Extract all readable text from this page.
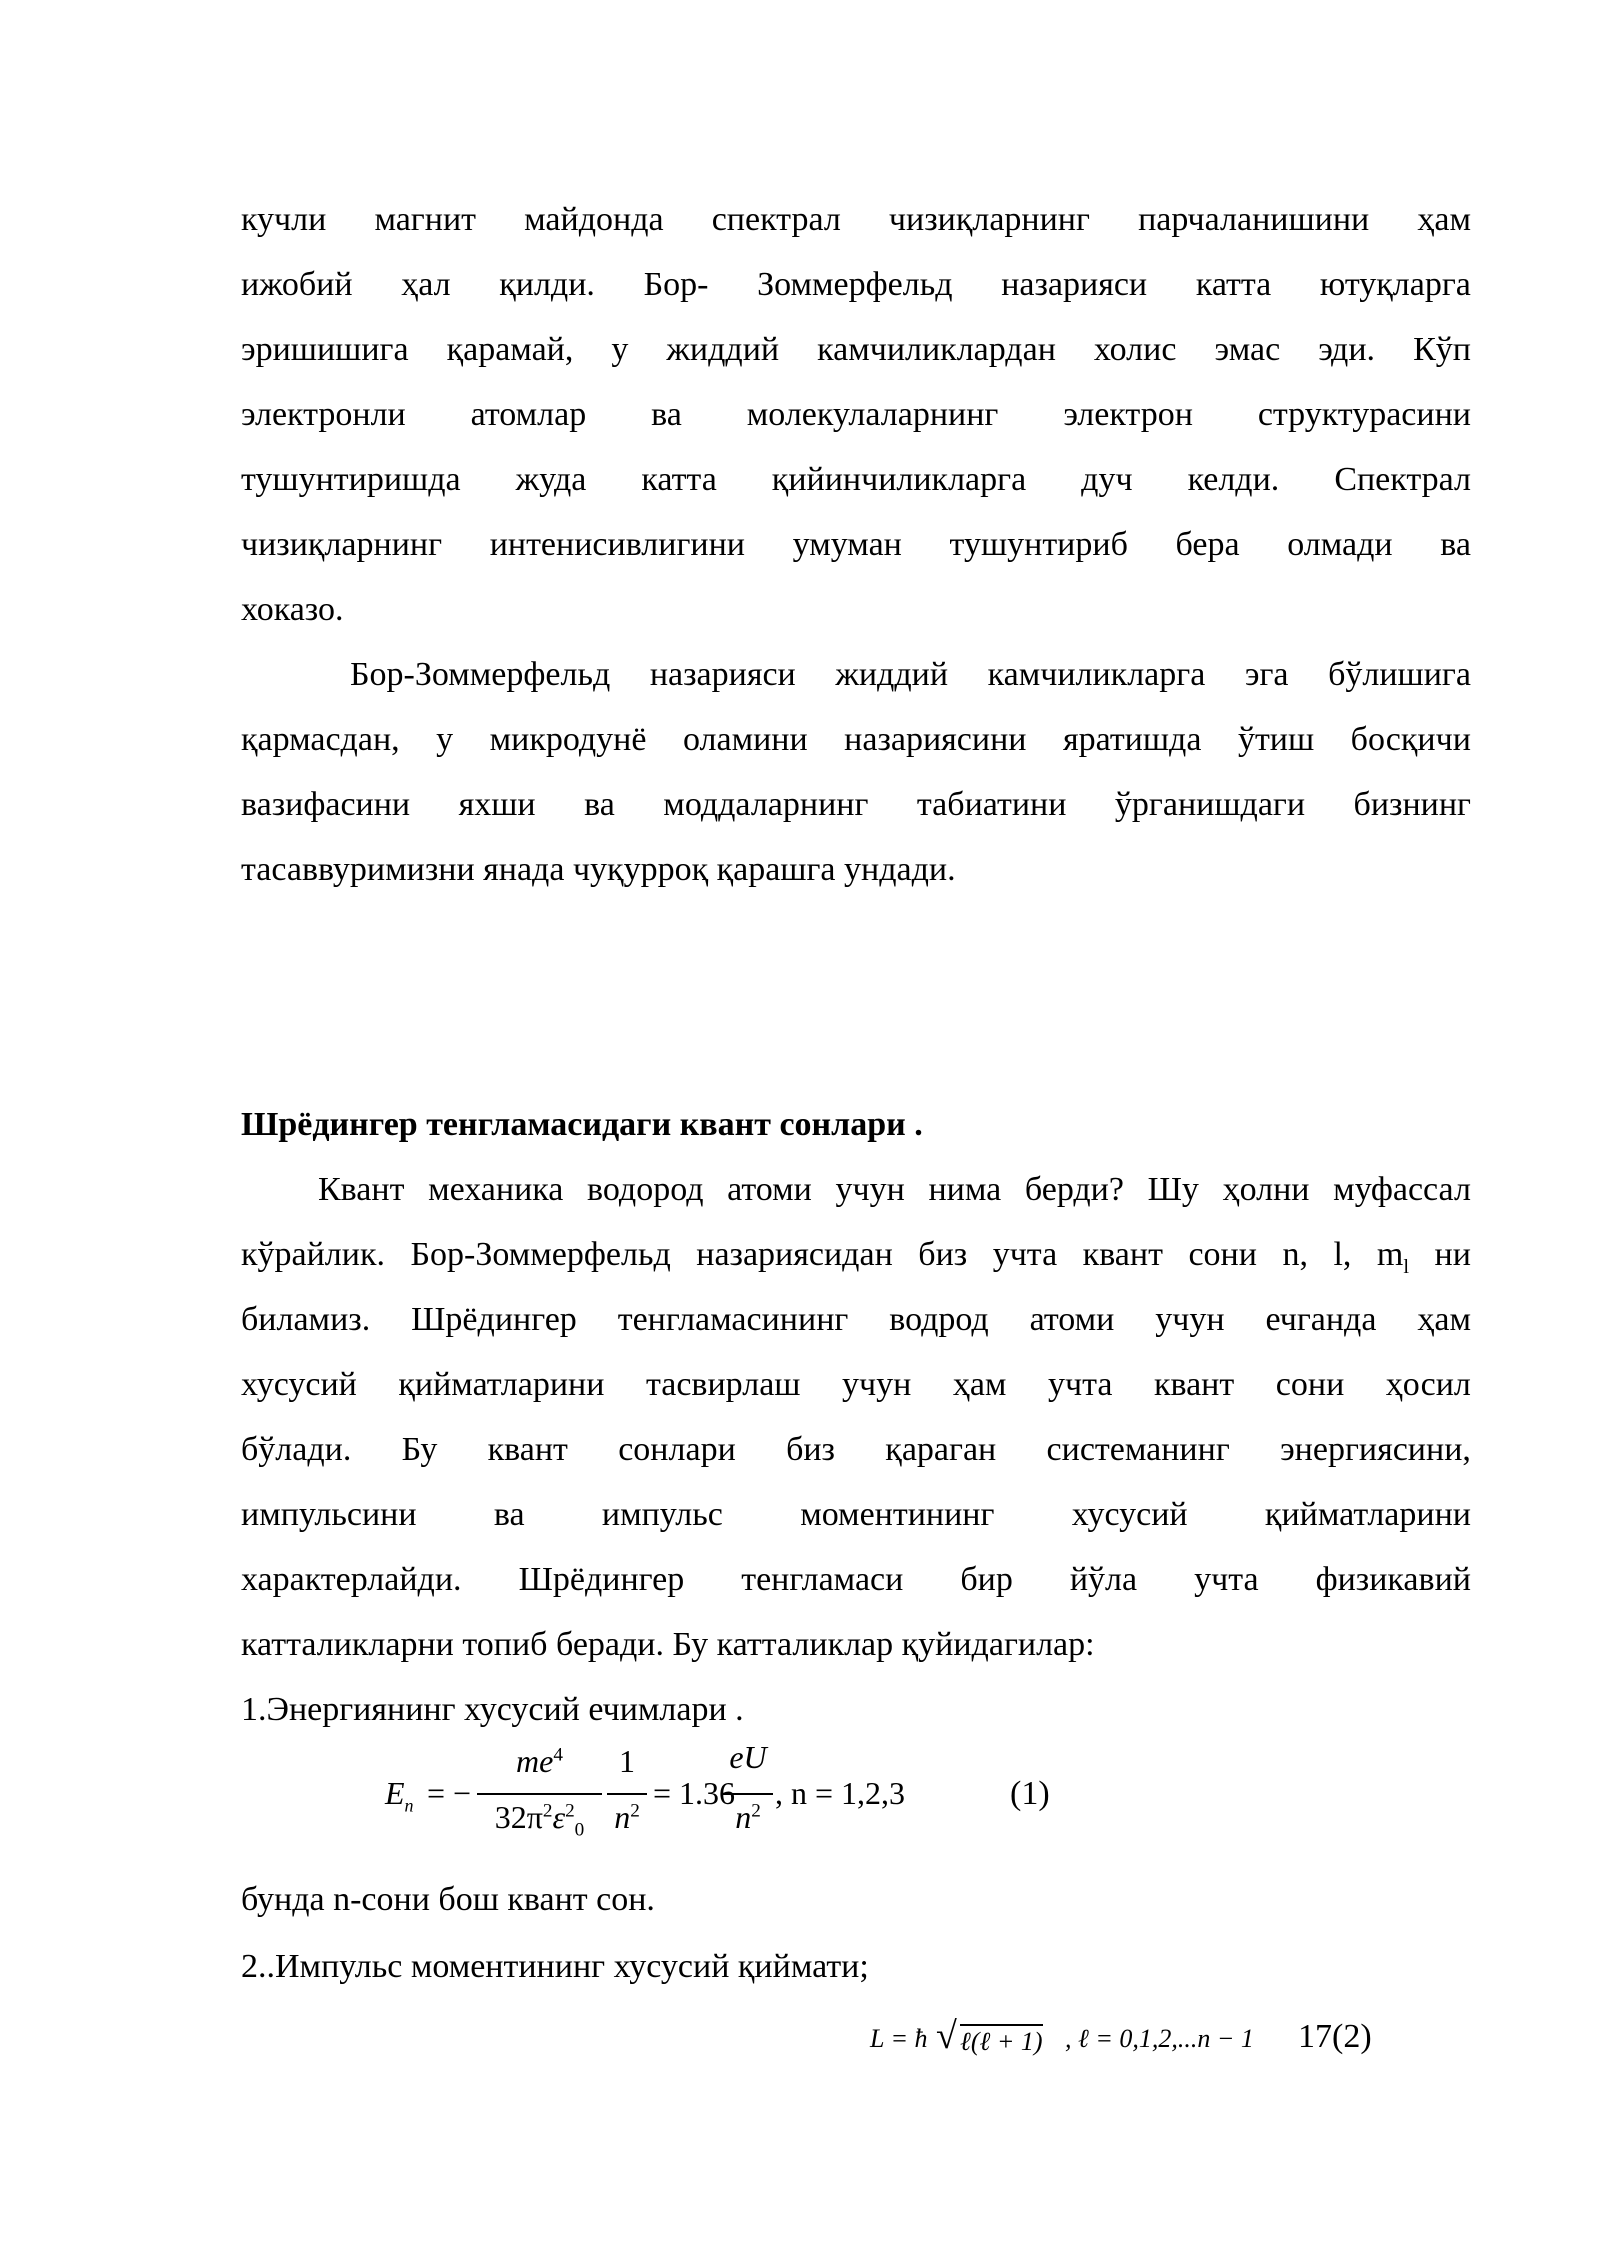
кучли магнит майдонда спектрал чизиқларнинг парчаланишини ҳам
ижобий ҳал қилди. Бор- Зоммерфельд назарияси катта ютуқларга
эришишига қарамай, у жиддий камчиликлардан холис эмас эди. Кўп
электронли атомлар ва молекулаларнинг электрон структурасини
тушунтиришда жуда катта қийинчиликларга дуч келди. Спектрал
чизиқларнинг интенисивлигини умуман тушунтириб бера олмади ва
хоказо.
Бор-Зоммерфельд назарияси жиддий камчиликларга эга бўлишига
қармасдан, у микродунё оламини назариясини яратишда ўтиш босқичи
вазифасини яхши ва моддаларнинг табиатини ўрганишдаги бизнинг
тасаввуримизни янада чуқурроқ қарашга ундади.
Шрёдингер тенгламасидаги квант сонлари .
Квант механика водород атоми учун нима берди? Шу ҳолни муфассал
кўрайлик. Бор-Зоммерфельд назариясидан биз учта квант сони n, l, $m_l$ ни
биламиз. Шрёдингер тенгламасининг водрод атоми учун ечганда ҳам
хусусий қийматларини тасвирлаш учун ҳам учта квант сони ҳосил
бўлади. Бу квант сонлари биз қараган системанинг энергиясини,
импульсини ва импульс моментининг хусусий қийматларини
характерлайди. Шрёдингер тенгламаси бир йўла учта физикавий
катталикларни топиб беради. Бу катталиклар қуйидагилар:
1.Энергиянинг хусусий ечимлари .
$E_n$ = −
$me^4$
$32\pi^2\varepsilon^2_0$
1
$n^2 = 1.36$
eU
$n^2$ , n = 1,2,3	(1)
бунда n-сони бош квант сон.
2..Импульс моментининг хусусий қиймати;
L = ħ √ ℓ(ℓ + 1) , ℓ = 0,1,2,...n − 1 17 (2)
